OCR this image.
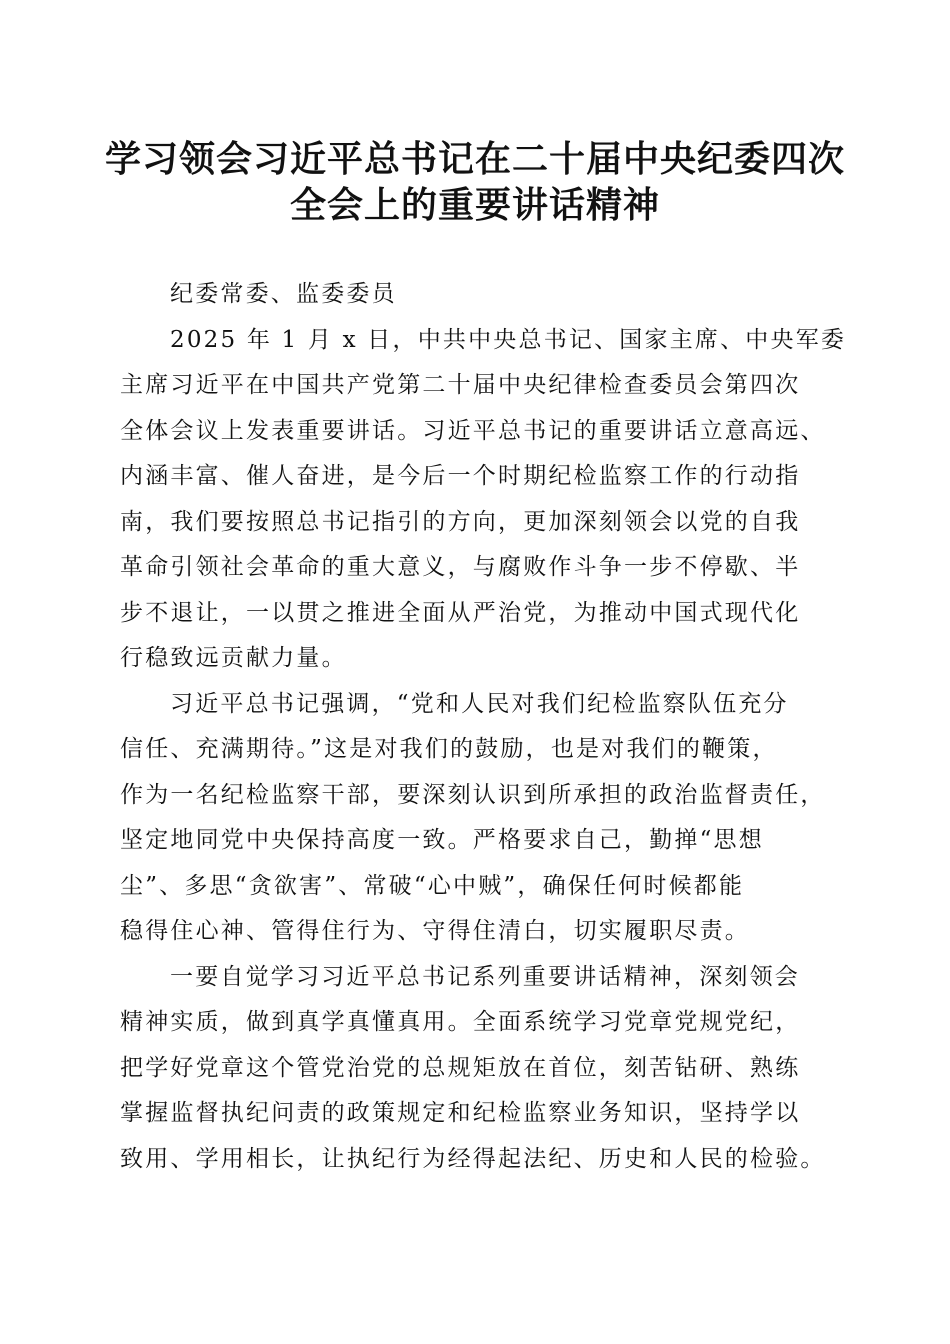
学习领会习近平总书记在二十届中央纪委四次
全会上的重要讲话精神
纪委常委、监委委员
2025 年 1 月 x 日，中共中央总书记、国家主席、中央军委
主席习近平在中国共产党第二十届中央纪律检查委员会第四次
全体会议上发表重要讲话。习近平总书记的重要讲话立意高远、
内涵丰富、催人奋进，是今后一个时期纪检监察工作的行动指
南，我们要按照总书记指引的方向，更加深刻领会以党的自我
革命引领社会革命的重大意义，与腐败作斗争一步不停歇、半
步不退让，一以贯之推进全面从严治党，为推动中国式现代化
行稳致远贡献力量。
习近平总书记强调，“党和人民对我们纪检监察队伍充分
信任、充满期待。”这是对我们的鼓励，也是对我们的鞭策，
作为一名纪检监察干部，要深刻认识到所承担的政治监督责任，
坚定地同党中央保持高度一致。严格要求自己，勤掸“思想
尘”、多思“贪欲害”、常破“心中贼”，确保任何时候都能
稳得住心神、管得住行为、守得住清白，切实履职尽责。
一要自觉学习习近平总书记系列重要讲话精神，深刻领会
精神实质，做到真学真懂真用。全面系统学习党章党规党纪，
把学好党章这个管党治党的总规矩放在首位，刻苦钻研、熟练
掌握监督执纪问责的政策规定和纪检监察业务知识，坚持学以
致用、学用相长，让执纪行为经得起法纪、历史和人民的检验。
